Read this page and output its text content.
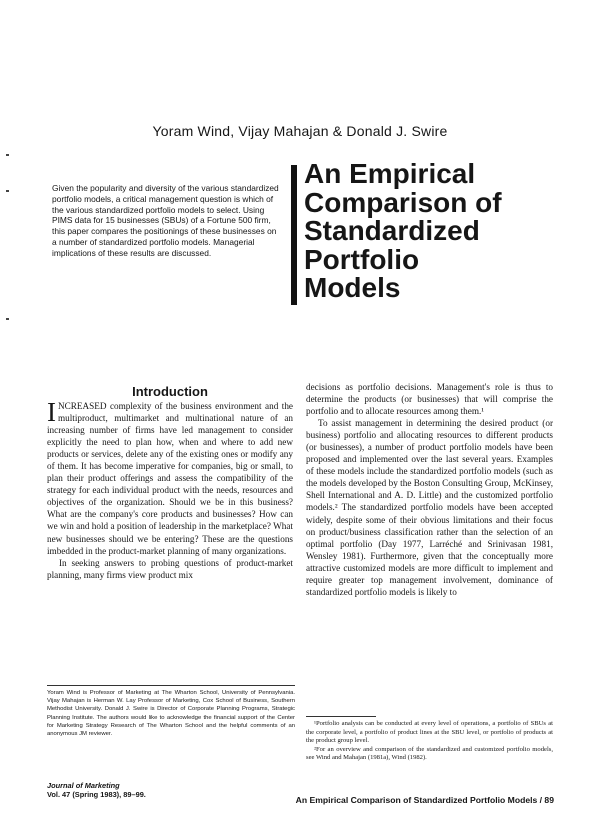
Yoram Wind, Vijay Mahajan & Donald J. Swire

Given the popularity and diversity of the various standardized portfolio models, a critical management question is which of the various standardized portfolio models to select. Using PIMS data for 15 businesses (SBUs) of a Fortune 500 firm, this paper compares the positionings of these businesses on a number of standardized portfolio models. Managerial implications of these results are discussed.

An Empirical
Comparison of
Standardized
Portfolio
Models
Introduction

INCREASED complexity of the business environment and the multiproduct, multimarket and multinational nature of an increasing number of firms have led management to consider explicitly the need to plan how, when and where to add new products or services, delete any of the existing ones or modify any of them. It has become imperative for companies, big or small, to plan their product offerings and assess the compatibility of the strategy for each individual product with the needs, resources and objectives of the organization. Should we be in this business? What are the company's core products and businesses? How can we win and hold a position of leadership in the marketplace? What new businesses should we be entering? These are the questions imbedded in the product-market planning of many organizations.

In seeking answers to probing questions of product-market planning, many firms view product mix

decisions as portfolio decisions. Management's role is thus to determine the products (or businesses) that will comprise the portfolio and to allocate resources among them.¹

To assist management in determining the desired product (or business) portfolio and allocating resources to different products (or businesses), a number of product portfolio models have been proposed and implemented over the last several years. Examples of these models include the standardized portfolio models (such as the models developed by the Boston Consulting Group, McKinsey, Shell International and A. D. Little) and the customized portfolio models.² The standardized portfolio models have been accepted widely, despite some of their obvious limitations and their focus on product/business classification rather than the selection of an optimal portfolio (Day 1977, Larréché and Srinivasan 1981, Wensley 1981). Furthermore, given that the conceptually more attractive customized models are more difficult to implement and require greater top management involvement, dominance of standardized portfolio models is likely to

Yoram Wind is Professor of Marketing at The Wharton School, University of Pennsylvania. Vijay Mahajan is Herman W. Lay Professor of Marketing, Cox School of Business, Southern Methodist University. Donald J. Swire is Director of Corporate Planning Programs, Strategic Planning Institute. The authors would like to acknowledge the financial support of the Center for Marketing Strategy Research of The Wharton School and the helpful comments of an anonymous JM reviewer.

¹Portfolio analysis can be conducted at every level of operations, a portfolio of SBUs at the corporate level, a portfolio of product lines at the SBU level, or portfolio of products at the product group level.

²For an overview and comparison of the standardized and customized portfolio models, see Wind and Mahajan (1981a), Wind (1982).

Journal of Marketing
Vol. 47 (Spring 1983), 89–99.
An Empirical Comparison of Standardized Portfolio Models / 89
